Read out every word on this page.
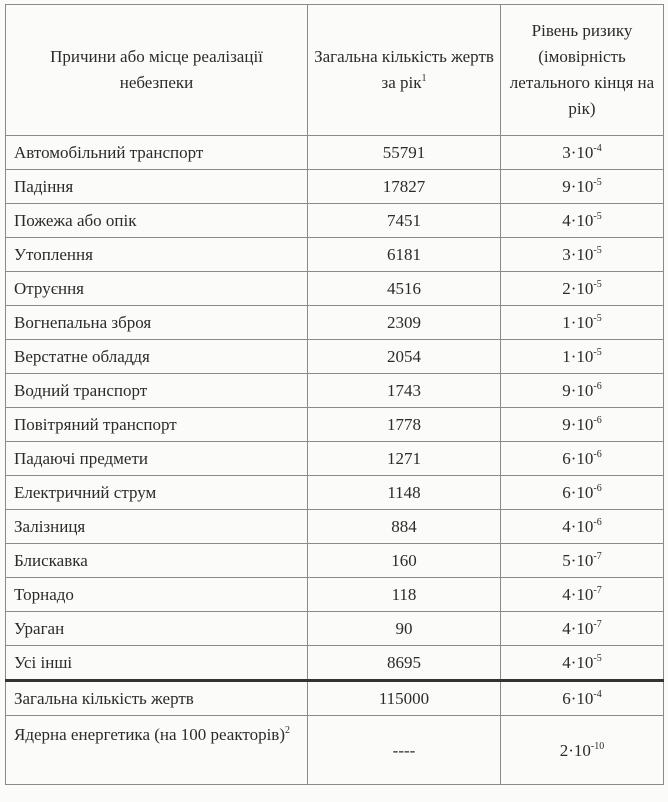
Причини або місце реалізації небезпеки	Загальна кількість жертв за рік$^1$	Рівень ризику (імовірність летального кінця на рік)
Автомобільний транспорт	55791	$3\cdot 10^{-4}$
Падіння	17827	$9\cdot 10^{-5}$
Пожежа або опік	7451	$4\cdot 10^{-5}$
Утоплення	6181	$3\cdot 10^{-5}$
Отруєння	4516	$2\cdot 10^{-5}$
Вогнепальна зброя	2309	$1\cdot 10^{-5}$
Верстатне обладдя	2054	$1\cdot 10^{-5}$
Водний транспорт	1743	$9\cdot 10^{-6}$
Повітряний транспорт	1778	$9\cdot 10^{-6}$
Падаючі предмети	1271	$6\cdot 10^{-6}$
Електричний струм	1148	$6\cdot 10^{-6}$
Залізниця	884	$4\cdot 10^{-6}$
Блискавка	160	$5\cdot 10^{-7}$
Торнадо	118	$4\cdot 10^{-7}$
Ураган	90	$4\cdot 10^{-7}$
Усі інші	8695	$4\cdot 10^{-5}$
Загальна кількість жертв	115000	$6\cdot 10^{-4}$
Ядерна енергетика (на 100 реакторів)$^2$	----	$2\cdot 10^{-10}$
